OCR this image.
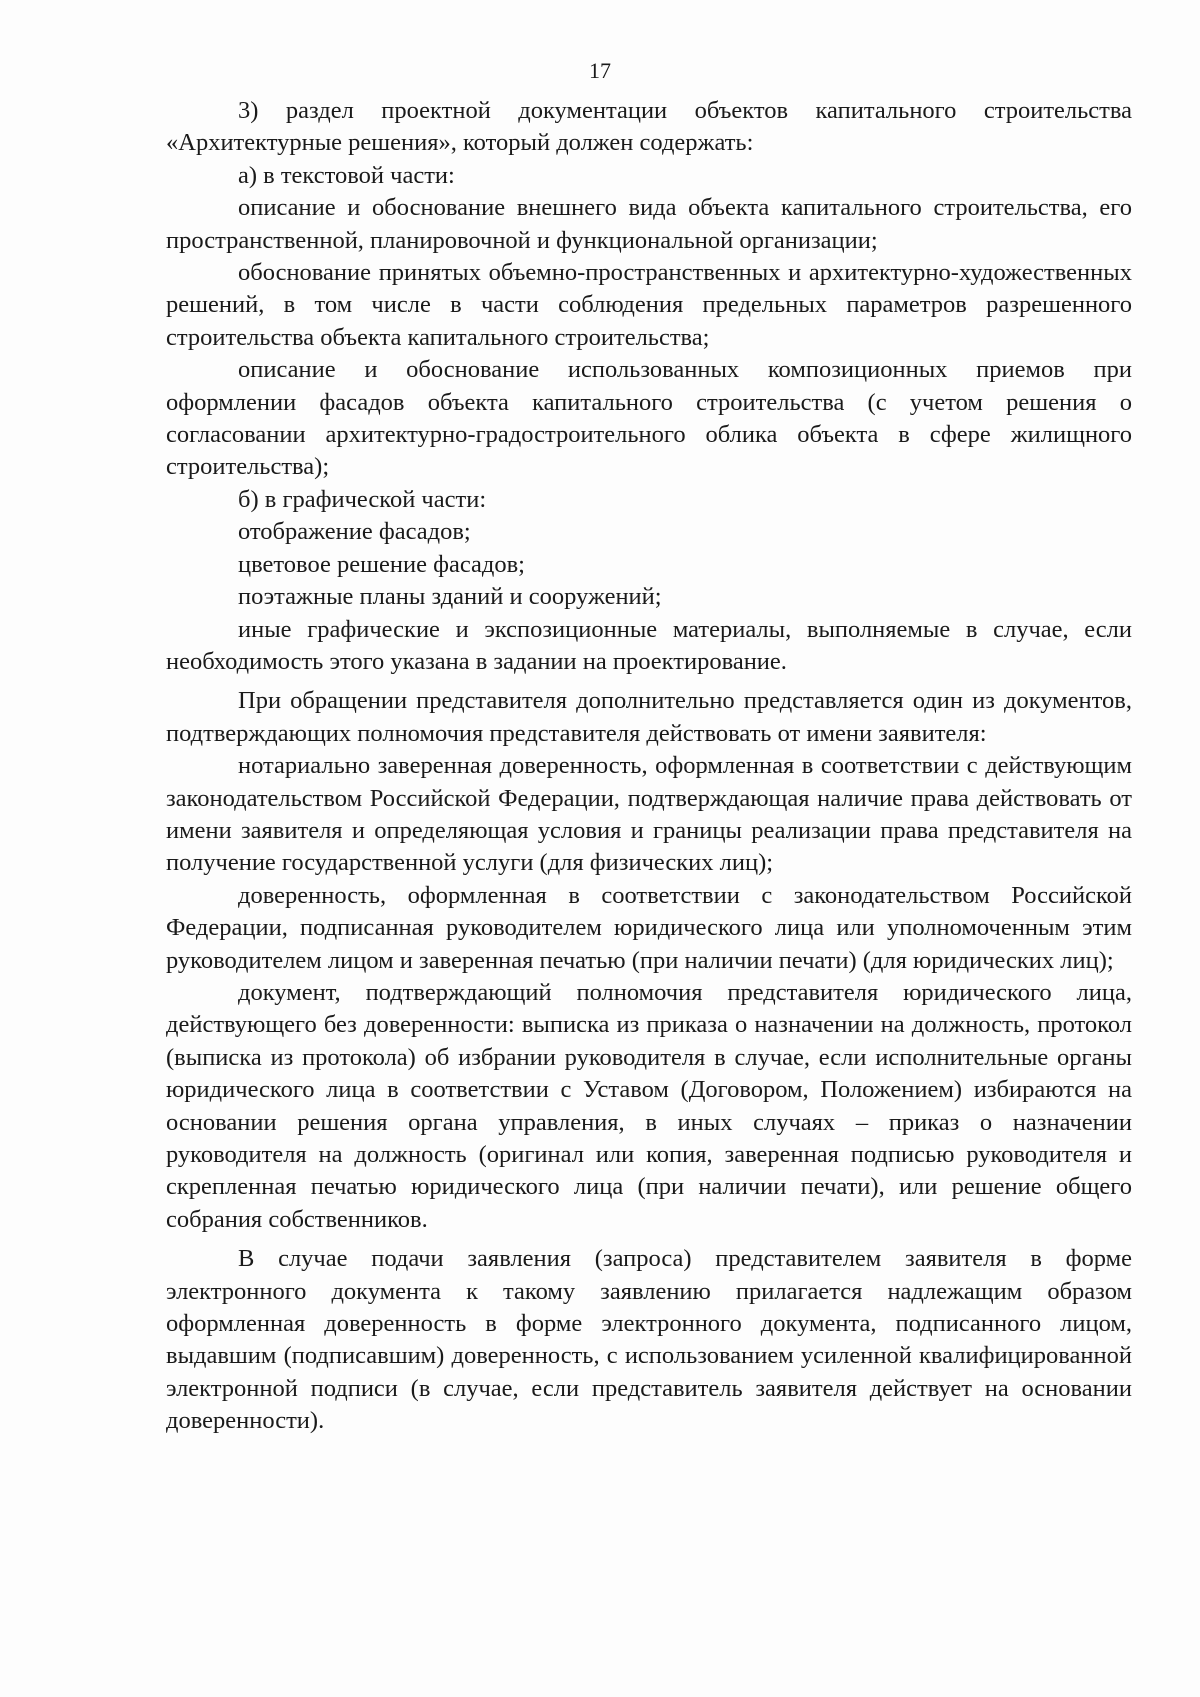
17

3) раздел проектной документации объектов капитального строительства «Архитектурные решения», который должен содержать:

а) в текстовой части:

описание и обоснование внешнего вида объекта капитального строительства, его пространственной, планировочной и функциональной организации;

обоснование принятых объемно-пространственных и архитектурно-художественных решений, в том числе в части соблюдения предельных параметров разрешенного строительства объекта капитального строительства;

описание и обоснование использованных композиционных приемов при оформлении фасадов объекта капитального строительства (с учетом решения о согласовании архитектурно-градостроительного облика объекта в сфере жилищного строительства);

б) в графической части:

отображение фасадов;

цветовое решение фасадов;

поэтажные планы зданий и сооружений;

иные графические и экспозиционные материалы, выполняемые в случае, если необходимость этого указана в задании на проектирование.

При обращении представителя дополнительно представляется один из документов, подтверждающих полномочия представителя действовать от имени заявителя:

нотариально заверенная доверенность, оформленная в соответствии с действующим законодательством Российской Федерации, подтверждающая наличие права действовать от имени заявителя и определяющая условия и границы реализации права представителя на получение государственной услуги (для физических лиц);

доверенность, оформленная в соответствии с законодательством Российской Федерации, подписанная руководителем юридического лица или уполномоченным этим руководителем лицом и заверенная печатью (при наличии печати) (для юридических лиц);

документ, подтверждающий полномочия представителя юридического лица, действующего без доверенности: выписка из приказа о назначении на должность, протокол (выписка из протокола) об избрании руководителя в случае, если исполнительные органы юридического лица в соответствии с Уставом (Договором, Положением) избираются на основании решения органа управления, в иных случаях – приказ о назначении руководителя на должность (оригинал или копия, заверенная подписью руководителя и скрепленная печатью юридического лица (при наличии печати), или решение общего собрания собственников.

В случае подачи заявления (запроса) представителем заявителя в форме электронного документа к такому заявлению прилагается надлежащим образом оформленная доверенность в форме электронного документа, подписанного лицом, выдавшим (подписавшим) доверенность, с использованием усиленной квалифицированной электронной подписи (в случае, если представитель заявителя действует на основании доверенности).
